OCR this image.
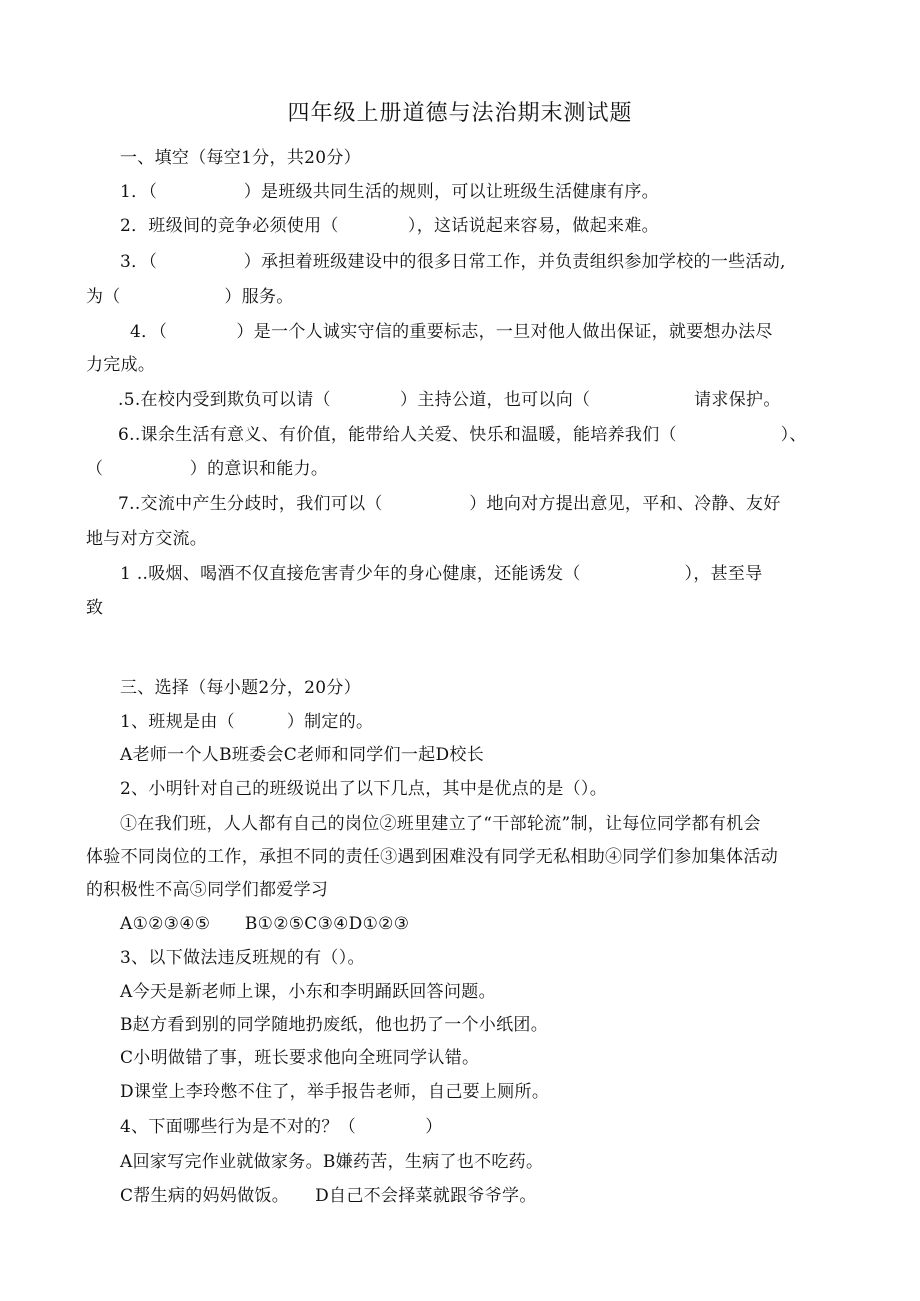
四年级上册道德与法治期末测试题
一、填空（每空1分，共20分）
1．（　　　　　）是班级共同生活的规则，可以让班级生活健康有序。
2．班级间的竞争必须使用（　　　　），这话说起来容易，做起来难。
3．（　　　　　）承担着班级建设中的很多日常工作，并负责组织参加学校的一些活动,
为（　　　　　　）服务。
4．（　　　　）是一个人诚实守信的重要标志，一旦对他人做出保证，就要想办法尽
力完成。
.5.在校内受到欺负可以请（　　　　）主持公道，也可以向（　　　　　　请求保护。
6..课余生活有意义、有价值，能带给人关爱、快乐和温暖，能培养我们（　　　　　　）、
（　　　　　）的意识和能力。
7..交流中产生分歧时，我们可以（　　　　　）地向对方提出意见，平和、冷静、友好
地与对方交流。
1 ..吸烟、喝酒不仅直接危害青少年的身心健康，还能诱发（　　　　　　），甚至导
致
三、选择（每小题2分，20分）
1、班规是由（　　　）制定的。
A老师一个人B班委会C老师和同学们一起D校长
2、小明针对自己的班级说出了以下几点，其中是优点的是（）。
①在我们班，人人都有自己的岗位②班里建立了“干部轮流”制，让每位同学都有机会
体验不同岗位的工作，承担不同的责任③遇到困难没有同学无私相助④同学们参加集体活动
的积极性不高⑤同学们都爱学习
A①②③④⑤　　B①②⑤C③④D①②③
3、以下做法违反班规的有（）。
A今天是新老师上课，小东和李明踊跃回答问题。
B赵方看到别的同学随地扔废纸，他也扔了一个小纸团。
C小明做错了事，班长要求他向全班同学认错。
D课堂上李玲憋不住了，举手报告老师，自己要上厕所。
4、下面哪些行为是不对的？（　　　　）
A回家写完作业就做家务。B嫌药苦，生病了也不吃药。
C帮生病的妈妈做饭。　　D自己不会择菜就跟爷爷学。
